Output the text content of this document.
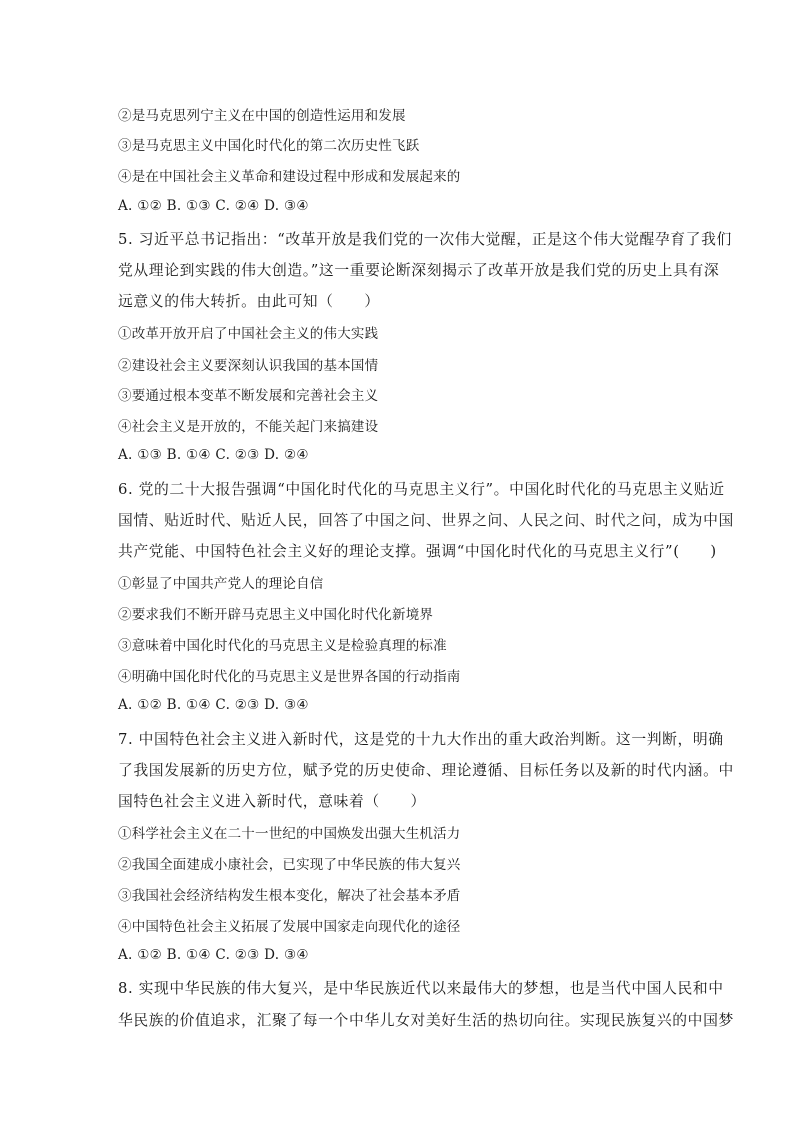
②是马克思列宁主义在中国的创造性运用和发展
③是马克思主义中国化时代化的第二次历史性飞跃
④是在中国社会主义革命和建设过程中形成和发展起来的
A. ①② B. ①③ C. ②④ D. ③④
5. 习近平总书记指出：“改革开放是我们党的一次伟大觉醒，正是这个伟大觉醒孕育了我们
党从理论到实践的伟大创造。”这一重要论断深刻揭示了改革开放是我们党的历史上具有深
远意义的伟大转折。由此可知（　　）
①改革开放开启了中国社会主义的伟大实践
②建设社会主义要深刻认识我国的基本国情
③要通过根本变革不断发展和完善社会主义
④社会主义是开放的，不能关起门来搞建设
A. ①③ B. ①④ C. ②③ D. ②④
6. 党的二十大报告强调“中国化时代化的马克思主义行”。中国化时代化的马克思主义贴近
国情、贴近时代、贴近人民，回答了中国之问、世界之问、人民之问、时代之问，成为中国
共产党能、中国特色社会主义好的理论支撑。强调“中国化时代化的马克思主义行”(　　)
①彰显了中国共产党人的理论自信
②要求我们不断开辟马克思主义中国化时代化新境界
③意味着中国化时代化的马克思主义是检验真理的标准
④明确中国化时代化的马克思主义是世界各国的行动指南
A. ①② B. ①④ C. ②③ D. ③④
7. 中国特色社会主义进入新时代，这是党的十九大作出的重大政治判断。这一判断，明确
了我国发展新的历史方位，赋予党的历史使命、理论遵循、目标任务以及新的时代内涵。中
国特色社会主义进入新时代，意味着（　　）
①科学社会主义在二十一世纪的中国焕发出强大生机活力
②我国全面建成小康社会，已实现了中华民族的伟大复兴
③我国社会经济结构发生根本变化，解决了社会基本矛盾
④中国特色社会主义拓展了发展中国家走向现代化的途径
A. ①② B. ①④ C. ②③ D. ③④
8. 实现中华民族的伟大复兴，是中华民族近代以来最伟大的梦想，也是当代中国人民和中
华民族的价值追求，汇聚了每一个中华儿女对美好生活的热切向往。实现民族复兴的中国梦
